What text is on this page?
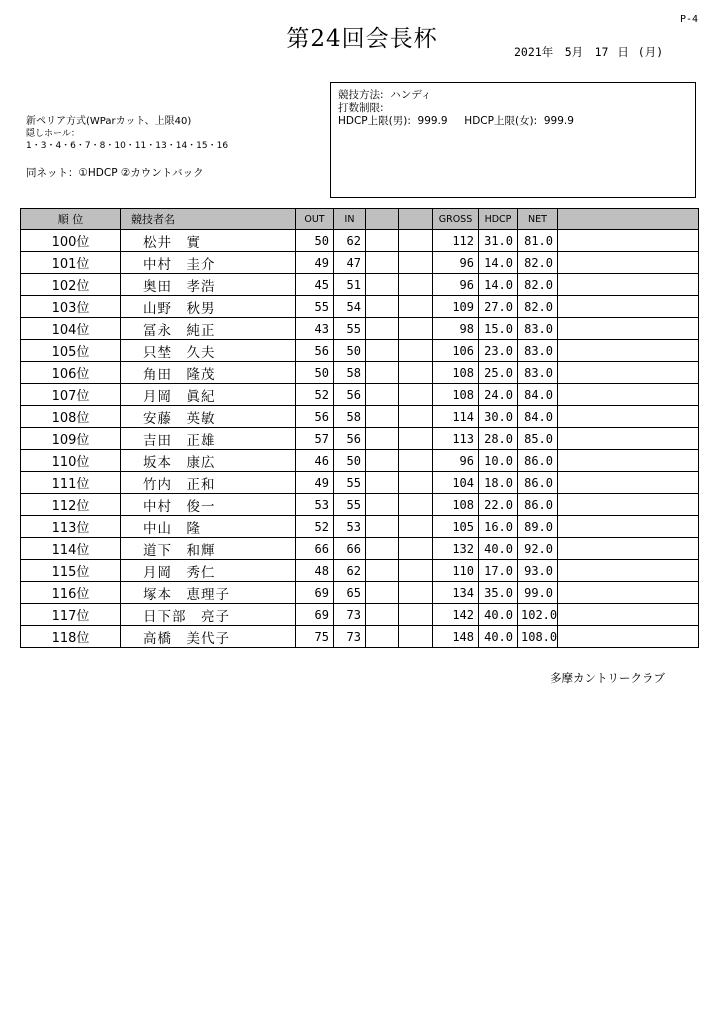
P-4
第24回会長杯	2021年　5月　17 日 (月)
新ペリア方式(WParカット、上限40)
隠しホール：
1・3・4・6・7・8・10・11・13・14・15・16
同ネット：①HDCP ②カウントバック
競技方法:  ハンディ
打数制限:
HDCP上限(男):  999.9     HDCP上限(女):  999.9
順 位	競技者名	OUT	IN			GROSS	HDCP	NET	
100位	松井　實	50	62			112	31.0	81.0	
101位	中村　圭介	49	47			96	14.0	82.0	
102位	奥田　孝浩	45	51			96	14.0	82.0	
103位	山野　秋男	55	54			109	27.0	82.0	
104位	冨永　純正	43	55			98	15.0	83.0	
105位	只埜　久夫	56	50			106	23.0	83.0	
106位	角田　隆茂	50	58			108	25.0	83.0	
107位	月岡　眞紀	52	56			108	24.0	84.0	
108位	安藤　英敏	56	58			114	30.0	84.0	
109位	吉田　正雄	57	56			113	28.0	85.0	
110位	坂本　康広	46	50			96	10.0	86.0	
111位	竹内　正和	49	55			104	18.0	86.0	
112位	中村　俊一	53	55			108	22.0	86.0	
113位	中山　隆	52	53			105	16.0	89.0	
114位	道下　和輝	66	66			132	40.0	92.0	
115位	月岡　秀仁	48	62			110	17.0	93.0	
116位	塚本　恵理子	69	65			134	35.0	99.0	
117位	日下部　亮子	69	73			142	40.0	102.0	
118位	高橋　美代子	75	73			148	40.0	108.0	
多摩カントリークラブ
